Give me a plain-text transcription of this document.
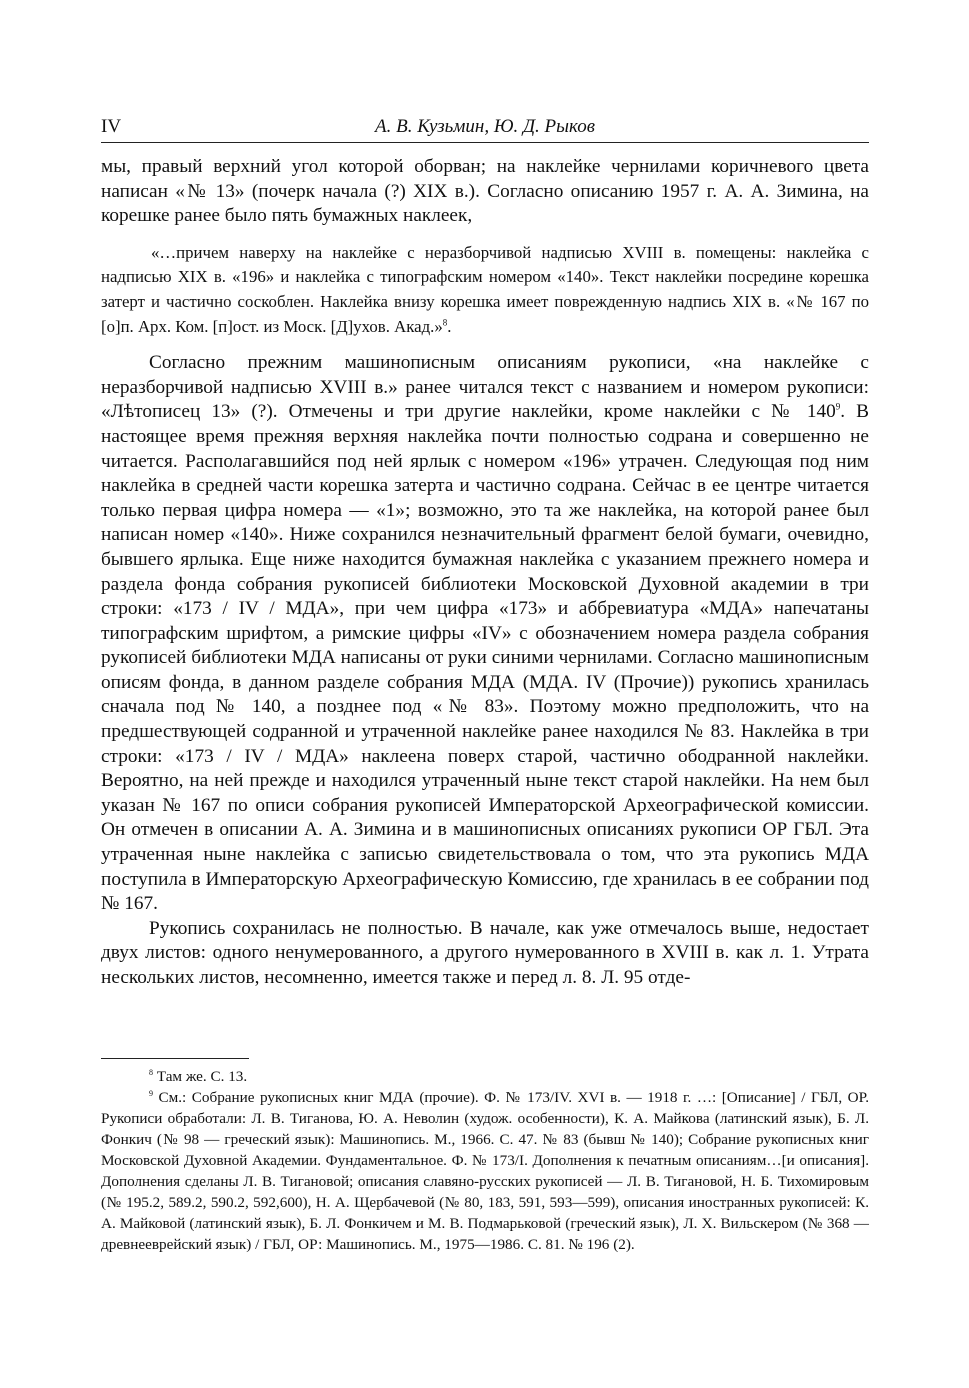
IV	А. В. Кузьмин, Ю. Д. Рыков

мы, правый верхний угол которой оборван; на наклейке чернилами коричневого цвета написан «№ 13» (почерк начала (?) XIX в.). Согласно описанию 1957 г. А. А. Зимина, на корешке ранее было пять бумажных наклеек,

«…причем наверху на наклейке с неразборчивой надписью XVIII в. помещены: наклейка с надписью XIX в. «196» и наклейка с типографским номером «140». Текст наклейки посредине корешка затерт и частично соскоблен. Наклейка внизу корешка имеет поврежденную надпись XIX в. «№ 167 по [о]п. Арх. Ком. [п]ост. из Моск. [Д]ухов. Акад.»$^8$.

Согласно прежним машинописным описаниям рукописи, «на наклейке с неразборчивой надписью XVIII в.» ранее читался текст с названием и номером рукописи: «Лѣтописец 13» (?). Отмечены и три другие наклейки, кроме наклейки с № 140$^9$. В настоящее время прежняя верхняя наклейка почти полностью содрана и совершенно не читается. Располагавшийся под ней ярлык с номером «196» утрачен. Следующая под ним наклейка в средней части корешка затерта и частично содрана. Сейчас в ее центре читается только первая цифра номера — «1»; возможно, это та же наклейка, на которой ранее был написан номер «140». Ниже сохранился незначительный фрагмент белой бумаги, очевидно, бывшего ярлыка. Еще ниже находится бумажная наклейка с указанием прежнего номера и раздела фонда собрания рукописей библиотеки Московской Духовной академии в три строки: «173 / IV / МДА», при чем цифра «173» и аббревиатура «МДА» напечатаны типографским шрифтом, а римские цифры «IV» с обозначением номера раздела собрания рукописей библиотеки МДА написаны от руки синими чернилами. Согласно машинописным описям фонда, в данном разделе собрания МДА (МДА. IV (Прочие)) рукопись хранилась сначала под № 140, а позднее под «№ 83». Поэтому можно предположить, что на предшествующей содранной и утраченной наклейке ранее находился № 83. Наклейка в три строки: «173 / IV / МДА» наклеена поверх старой, частично ободранной наклейки. Вероятно, на ней прежде и находился утраченный ныне текст старой наклейки. На нем был указан № 167 по описи собрания рукописей Императорской Археографической комиссии. Он отмечен в описании А. А. Зимина и в машинописных описаниях рукописи ОР ГБЛ. Эта утраченная ныне наклейка с записью свидетельствовала о том, что эта рукопись МДА поступила в Императорскую Археографическую Комиссию, где хранилась в ее собрании под № 167.

Рукопись сохранилась не полностью. В начале, как уже отмечалось выше, недостает двух листов: одного ненумерованного, а другого нумерованного в XVIII в. как л. 1. Утрата нескольких листов, несомненно, имеется также и перед л. 8. Л. 95 отде-

$^8$ Там же. С. 13.

$^9$ См.: Собрание рукописных книг МДА (прочие). Ф. № 173/IV. XVI в. — 1918 г. …: [Описание] / ГБЛ, ОР. Рукописи обработали: Л. В. Тиганова, Ю. А. Неволин (худож. особенности), К. А. Майкова (латинский язык), Б. Л. Фонкич (№ 98 — греческий язык): Машинопись. М., 1966. С. 47. № 83 (бывш № 140); Собрание рукописных книг Московской Духовной Академии. Фундаментальное. Ф. № 173/I. Дополнения к печатным описаниям…[и описания]. Дополнения сделаны Л. В. Тигановой; описания славяно-русских рукописей — Л. В. Тигановой, Н. Б. Тихомировым (№ 195.2, 589.2, 590.2, 592,600), Н. А. Щербачевой (№ 80, 183, 591, 593—599), описания иностранных рукописей: К. А. Майковой (латинский язык), Б. Л. Фонкичем и М. В. Подмарьковой (греческий язык), Л. Х. Вильскером (№ 368 — древнееврейский язык) / ГБЛ, ОР: Машинопись. М., 1975—1986. С. 81. № 196 (2).
